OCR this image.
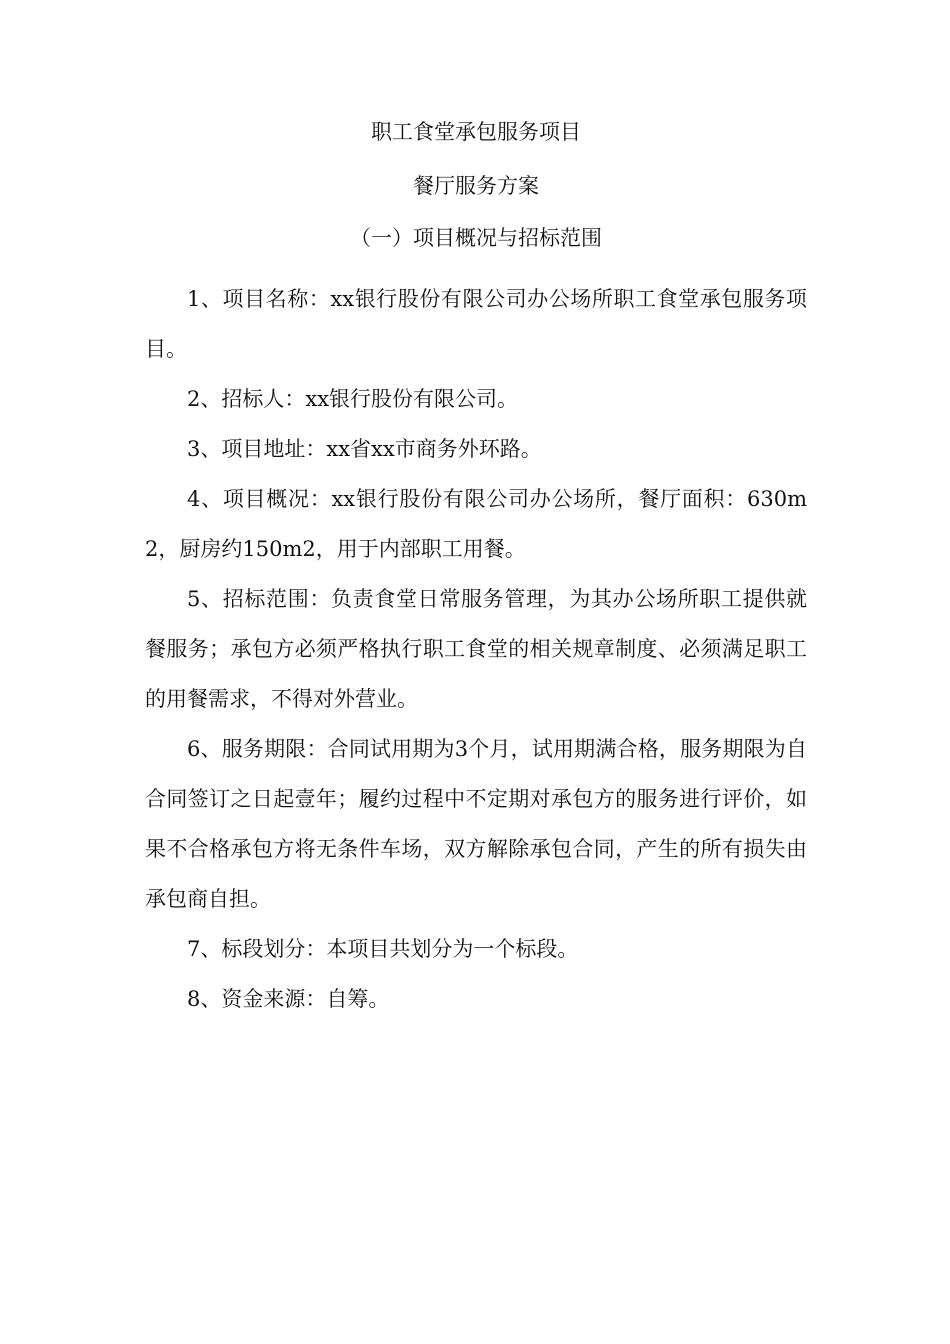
职工食堂承包服务项目

餐厅服务方案

（一）项目概况与招标范围

1、项目名称：xx银行股份有限公司办公场所职工食堂承包服务项目。

2、招标人：xx银行股份有限公司。

3、项目地址：xx省xx市商务外环路。

4、项目概况：xx银行股份有限公司办公场所，餐厅面积：630m2，厨房约150m2，用于内部职工用餐。

5、招标范围：负责食堂日常服务管理，为其办公场所职工提供就餐服务；承包方必须严格执行职工食堂的相关规章制度、必须满足职工的用餐需求，不得对外营业。

6、服务期限：合同试用期为3个月，试用期满合格，服务期限为自合同签订之日起壹年；履约过程中不定期对承包方的服务进行评价，如果不合格承包方将无条件车场，双方解除承包合同，产生的所有损失由承包商自担。

7、标段划分：本项目共划分为一个标段。

8、资金来源：自筹。
